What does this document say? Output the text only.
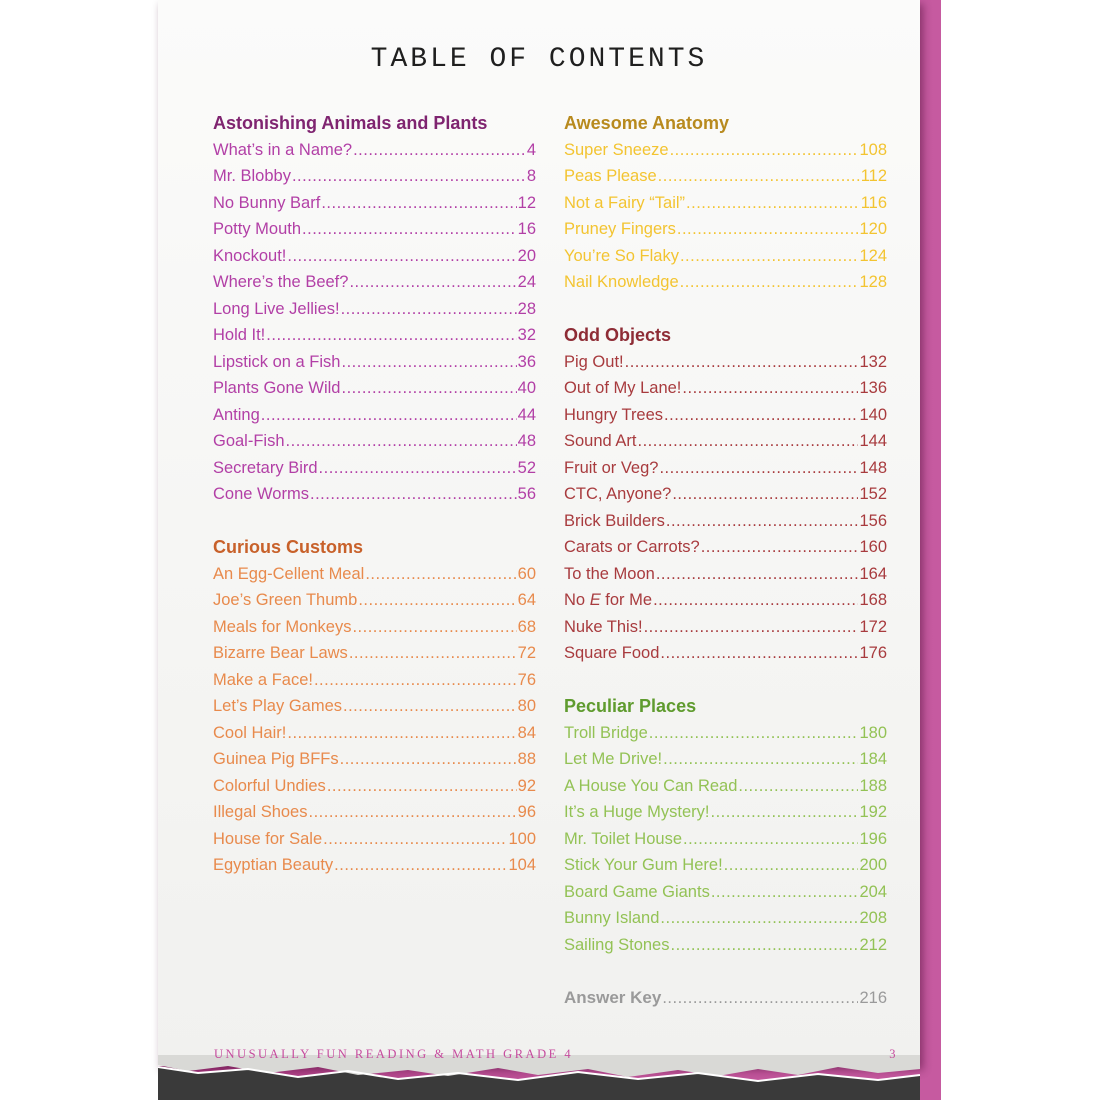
TABLE OF CONTENTS
Astonishing Animals and Plants
What’s in a Name? .....	4
Mr. Blobby .....	8
No Bunny Barf .....	12
Potty Mouth .....	16
Knockout! .....	20
Where’s the Beef? .....	24
Long Live Jellies! .....	28
Hold It! .....	32
Lipstick on a Fish .....	36
Plants Gone Wild .....	40
Anting .....	44
Goal-Fish .....	48
Secretary Bird .....	52
Cone Worms .....	56
Curious Customs
An Egg-Cellent Meal .....	60
Joe’s Green Thumb .....	64
Meals for Monkeys .....	68
Bizarre Bear Laws .....	72
Make a Face! .....	76
Let’s Play Games .....	80
Cool Hair! .....	84
Guinea Pig BFFs .....	88
Colorful Undies .....	92
Illegal Shoes .....	96
House for Sale .....	100
Egyptian Beauty .....	104
Awesome Anatomy
Super Sneeze .....	108
Peas Please .....	112
Not a Fairy “Tail” .....	116
Pruney Fingers .....	120
You’re So Flaky .....	124
Nail Knowledge .....	128
Odd Objects
Pig Out! .....	132
Out of My Lane! .....	136
Hungry Trees .....	140
Sound Art .....	144
Fruit or Veg? .....	148
CTC, Anyone? .....	152
Brick Builders .....	156
Carats or Carrots? .....	160
To the Moon .....	164
No E for Me .....	168
Nuke This! .....	172
Square Food .....	176
Peculiar Places
Troll Bridge .....	180
Let Me Drive! .....	184
A House You Can Read .....	188
It’s a Huge Mystery! .....	192
Mr. Toilet House .....	196
Stick Your Gum Here! .....	200
Board Game Giants .....	204
Bunny Island .....	208
Sailing Stones .....	212
Answer Key .....	216
UNUSUALLY FUN READING & MATH GRADE 4	3
